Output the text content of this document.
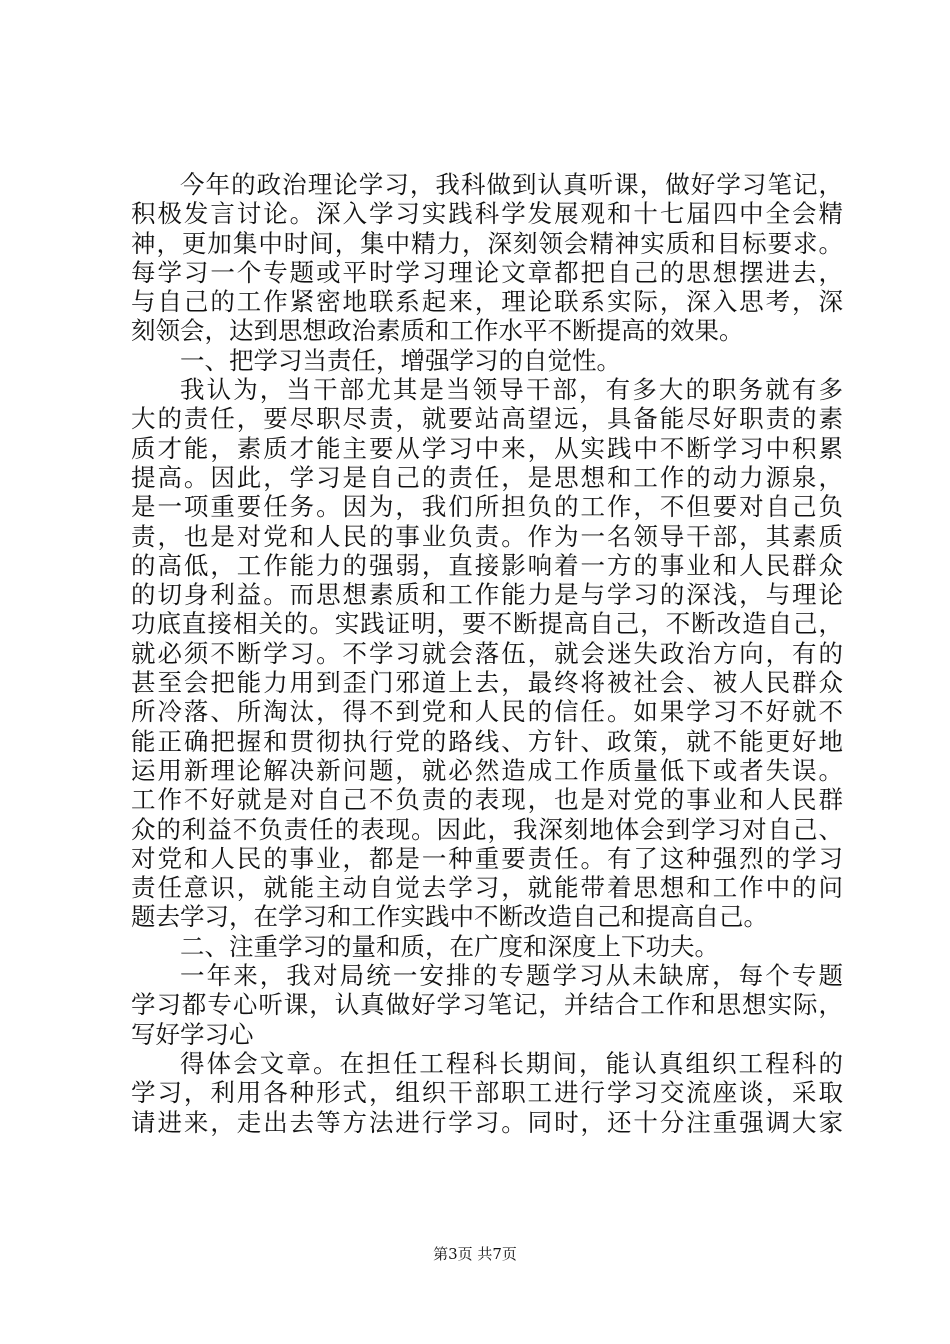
今年的政治理论学习，我科做到认真听课，做好学习笔记，
积极发言讨论。深入学习实践科学发展观和十七届四中全会精
神，更加集中时间，集中精力，深刻领会精神实质和目标要求。
每学习一个专题或平时学习理论文章都把自己的思想摆进去，
与自己的工作紧密地联系起来，理论联系实际，深入思考，深
刻领会，达到思想政治素质和工作水平不断提高的效果。
一、把学习当责任，增强学习的自觉性。
我认为，当干部尤其是当领导干部，有多大的职务就有多
大的责任，要尽职尽责，就要站高望远，具备能尽好职责的素
质才能，素质才能主要从学习中来，从实践中不断学习中积累
提高。因此，学习是自己的责任，是思想和工作的动力源泉，
是一项重要任务。因为，我们所担负的工作，不但要对自己负
责，也是对党和人民的事业负责。作为一名领导干部，其素质
的高低，工作能力的强弱，直接影响着一方的事业和人民群众
的切身利益。而思想素质和工作能力是与学习的深浅，与理论
功底直接相关的。实践证明，要不断提高自己，不断改造自己，
就必须不断学习。不学习就会落伍，就会迷失政治方向，有的
甚至会把能力用到歪门邪道上去，最终将被社会、被人民群众
所冷落、所淘汰，得不到党和人民的信任。如果学习不好就不
能正确把握和贯彻执行党的路线、方针、政策，就不能更好地
运用新理论解决新问题，就必然造成工作质量低下或者失误。
工作不好就是对自己不负责的表现，也是对党的事业和人民群
众的利益不负责任的表现。因此，我深刻地体会到学习对自己、
对党和人民的事业，都是一种重要责任。有了这种强烈的学习
责任意识，就能主动自觉去学习，就能带着思想和工作中的问
题去学习，在学习和工作实践中不断改造自己和提高自己。
二、注重学习的量和质，在广度和深度上下功夫。
一年来，我对局统一安排的专题学习从未缺席，每个专题
学习都专心听课，认真做好学习笔记，并结合工作和思想实际，
写好学习心
得体会文章。在担任工程科长期间，能认真组织工程科的
学习，利用各种形式，组织干部职工进行学习交流座谈，采取
请进来，走出去等方法进行学习。同时，还十分注重强调大家
第3页 共7页
